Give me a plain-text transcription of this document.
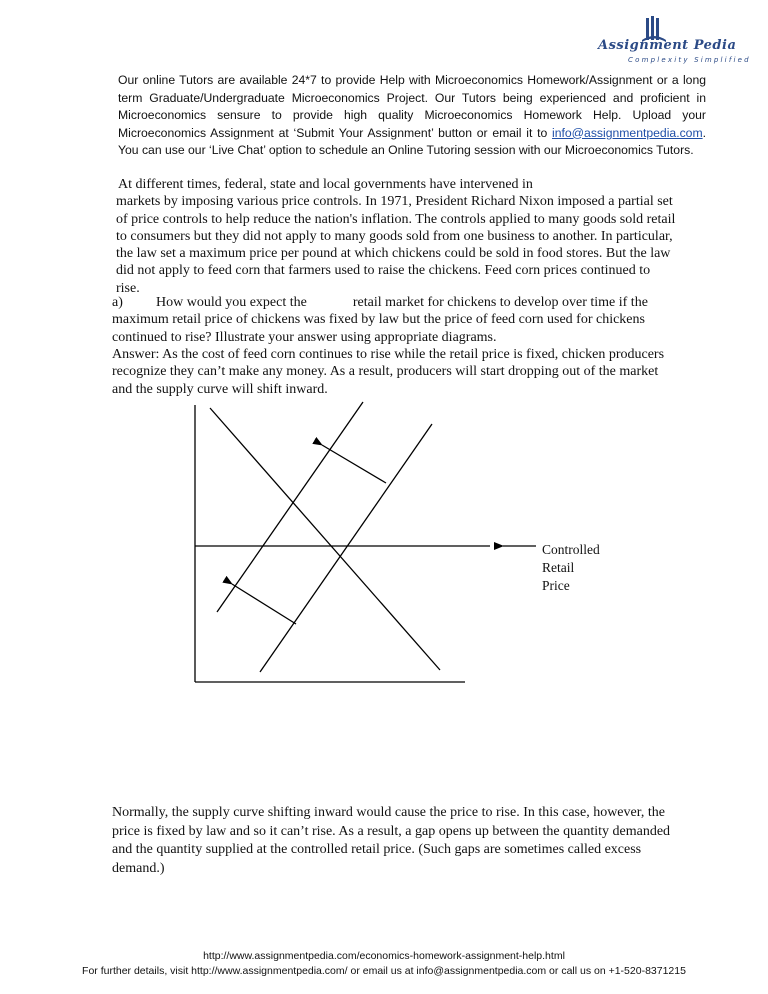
Assignment Pedia
Complexity Simplified
Our online Tutors are available 24*7 to provide Help with Microeconomics Homework/Assignment or a long term Graduate/Undergraduate Microeconomics Project. Our Tutors being experienced and proficient in Microeconomics sensure to provide high quality Microeconomics Homework Help. Upload your Microeconomics Assignment at ‘Submit Your Assignment’ button or email it to info@assignmentpedia.com. You can use our ‘Live Chat’ option to schedule an Online Tutoring session with our Microeconomics Tutors.
At different times, federal, state and local governments have intervened in
markets by imposing various price controls. In 1971, President Richard Nixon imposed a partial set of price controls to help reduce the nation's inflation. The controls applied to many goods sold retail to consumers but they did not apply to many goods sold from one business to another. In particular, the law set a maximum price per pound at which chickens could be sold in food stores. But the law did not apply to feed corn that farmers used to raise the chickens. Feed corn prices continued to rise.
a) How would you expect the	retail market for chickens to develop over time if the maximum retail price of chickens was fixed by law but the price of feed corn used for chickens continued to rise? Illustrate your answer using appropriate diagrams.
Answer: As the cost of feed corn continues to rise while the retail price is fixed, chicken producers recognize they can’t make any money. As a result, producers will start dropping out of the market and the supply curve will shift inward.
Controlled
Retail
Price
Normally, the supply curve shifting inward would cause the price to rise. In this case, however, the price is fixed by law and so it can’t rise. As a result, a gap opens up between the quantity demanded and the quantity supplied at the controlled retail price. (Such gaps are sometimes called excess demand.)
http://www.assignmentpedia.com/economics-homework-assignment-help.html
For further details, visit http://www.assignmentpedia.com/ or email us at info@assignmentpedia.com or call us on +1-520-8371215
